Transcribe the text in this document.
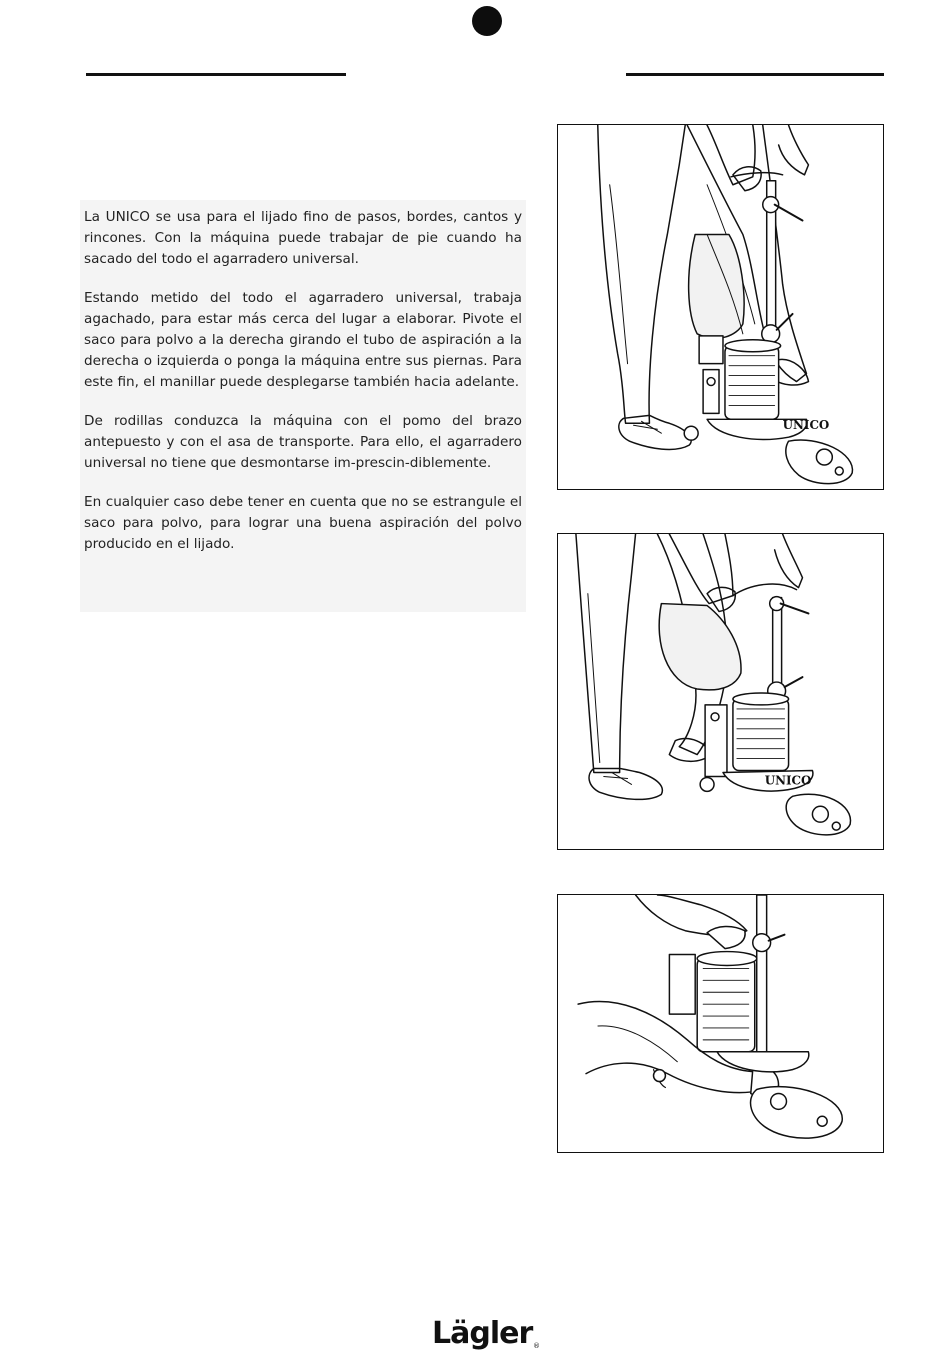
La UNICO se usa para el lijado fino de pasos, bordes, cantos y rincones. Con la máquina puede trabajar de pie cuando ha sacado del todo el agarradero universal.

Estando metido del todo el agarradero universal, trabaja agachado, para estar más cerca del lugar a elaborar. Pivote el saco para polvo a la derecha girando el tubo de aspiración a la derecha o izquierda o ponga la máquina entre sus piernas. Para este fin, el manillar puede desplegarse también hacia adelante.

De rodillas conduzca la máquina con el pomo del brazo antepuesto y con el asa de transporte. Para ello, el agarradero universal no tiene que desmontarse im-prescin-diblemente.

En cualquier caso debe tener en cuenta que no se estrangule el saco para polvo, para lograr una buena aspiración del polvo producido en el lijado.

UNICO
UNICO
Lägler ®
